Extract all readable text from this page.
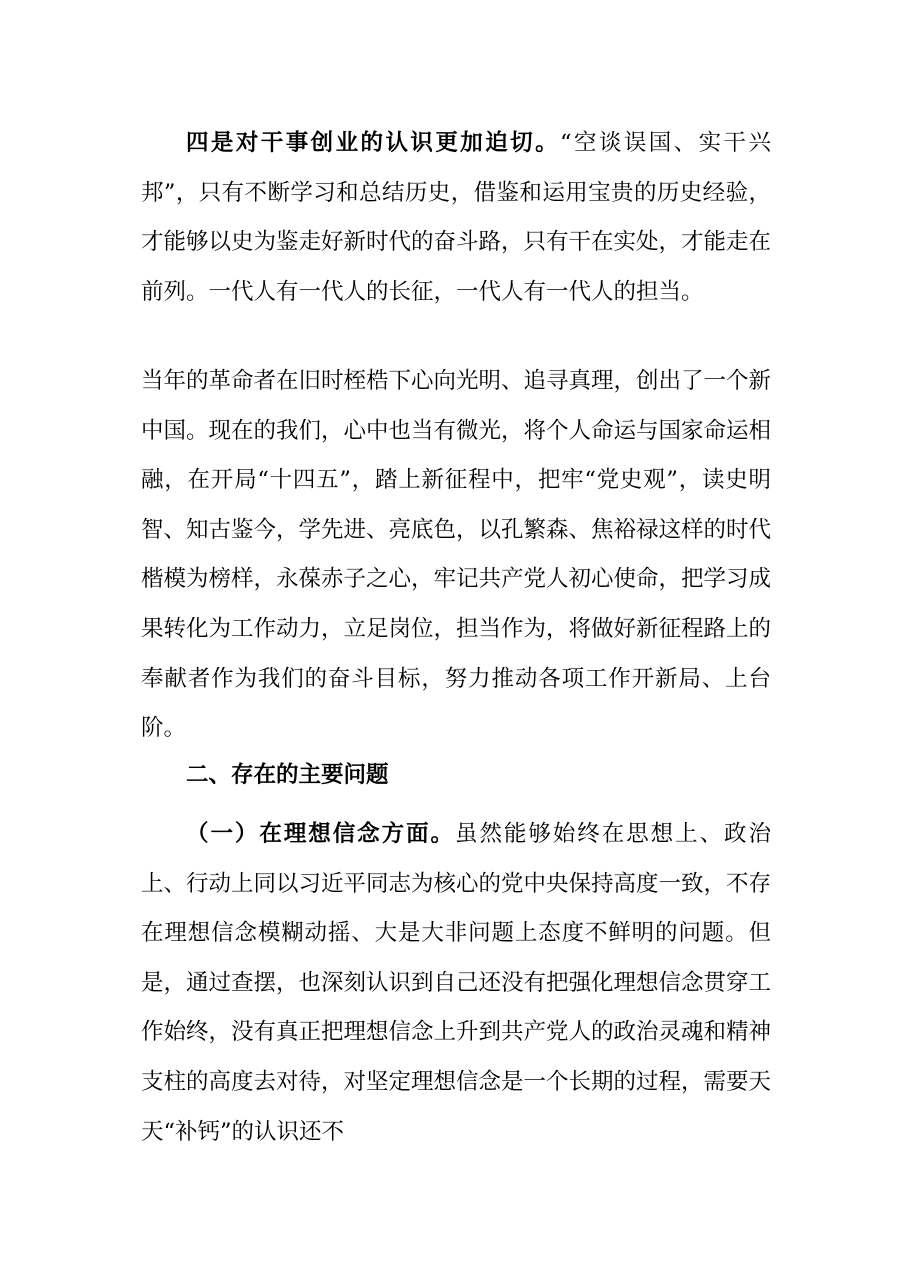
四是对干事创业的认识更加迫切。“空谈误国、实干兴邦”，只有不断学习和总结历史，借鉴和运用宝贵的历史经验，才能够以史为鉴走好新时代的奋斗路，只有干在实处，才能走在前列。一代人有一代人的长征，一代人有一代人的担当。

当年的革命者在旧时桎梏下心向光明、追寻真理，创出了一个新中国。现在的我们，心中也当有微光，将个人命运与国家命运相融，在开局“十四五”，踏上新征程中，把牢“党史观”，读史明智、知古鉴今，学先进、亮底色，以孔繁森、焦裕禄这样的时代楷模为榜样，永葆赤子之心，牢记共产党人初心使命，把学习成果转化为工作动力，立足岗位，担当作为，将做好新征程路上的奉献者作为我们的奋斗目标，努力推动各项工作开新局、上台阶。

二、存在的主要问题

（一）在理想信念方面。虽然能够始终在思想上、政治上、行动上同以习近平同志为核心的党中央保持高度一致，不存在理想信念模糊动摇、大是大非问题上态度不鲜明的问题。但是，通过查摆，也深刻认识到自己还没有把强化理想信念贯穿工作始终，没有真正把理想信念上升到共产党人的政治灵魂和精神支柱的高度去对待，对坚定理想信念是一个长期的过程，需要天天“补钙”的认识还不
